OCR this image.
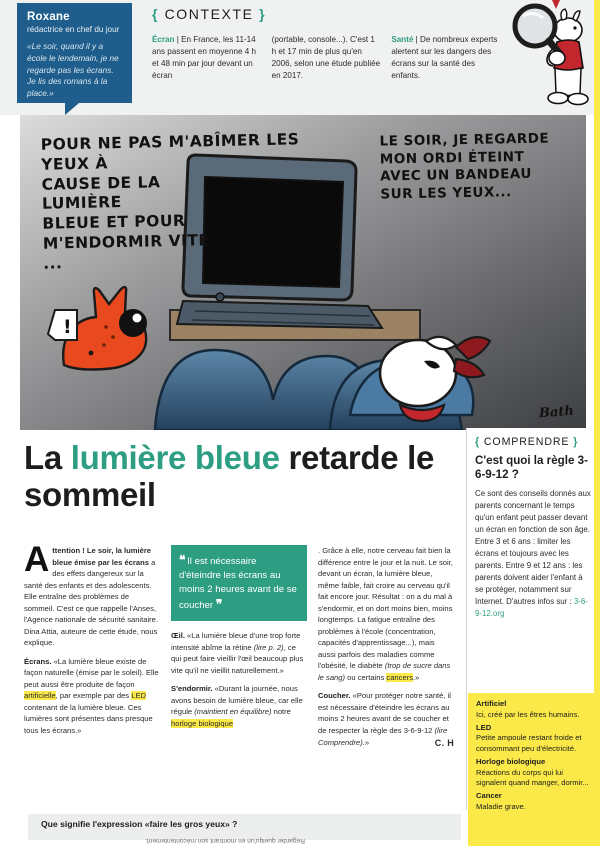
Roxane
rédactrice en chef du jour
«Le soir, quand il y a école le lendemain, je ne regarde pas les écrans. Je lis des romans à la place.»
{ CONTEXTE }
Écran | En France, les 11-14 ans passent en moyenne 4 h et 48 min par jour devant un écran
(portable, console...). C'est 1 h et 17 min de plus qu'en 2006, selon une étude publiée en 2017.
Santé | De nombreux experts alertent sur les dangers des écrans sur la santé des enfants.
!
POUR NE PAS M'ABÎMER LES
YEUX À
CAUSE DE LA
LUMIÈRE
BLEUE ET POUR
M'ENDORMIR VITE
...
LE SOIR, JE REGARDE
MON ORDI ÉTEINT
AVEC UN BANDEAU
SUR LES YEUX...
Bath
La lumière bleue retarde le sommeil

Attention ! Le soir, la lumière bleue émise par les écrans a des effets dangereux sur la santé des enfants et des adolescents. Elle entraîne des problèmes de sommeil. C'est ce que rappelle l'Anses, l'Agence nationale de sécurité sanitaire. Dina Attia, auteure de cette étude, nous explique.

Écrans. «La lumière bleue existe de façon naturelle (émise par le soleil). Elle peut aussi être produite de façon artificielle, par exemple par des LED contenant de la lumière bleue. Ces lumières sont présentes dans presque tous les écrans.»

❝ Il est nécessaire d'éteindre les écrans au moins 2 heures avant de se coucher ❞

Œil. «La lumière bleue d'une trop forte intensité abîme la rétine (lire p. 2), ce qui peut faire vieillir l'œil beaucoup plus vite qu'il ne vieillit naturellement.»

S'endormir. «Durant la journée, nous avons besoin de lumière bleue, car elle régule (maintient en équilibre) notre horloge biologique

. Grâce à elle, notre cerveau fait bien la différence entre le jour et la nuit. Le soir, devant un écran, la lumière bleue, même faible, fait croire au cerveau qu'il fait encore jour. Résultat : on a du mal à s'endormir, et on dort moins bien, moins longtemps. La fatigue entraîne des problèmes à l'école (concentration, capacités d'apprentissage...), mais aussi parfois des maladies comme l'obésité, le diabète (trop de sucre dans le sang) ou certains cancers.»

Coucher. «Pour protéger notre santé, il est nécessaire d'éteindre les écrans au moins 2 heures avant de se coucher et de respecter la règle des 3-6-9-12 (lire Comprendre).»	C. H

{ COMPRENDRE }
C'est quoi la règle 3-6-9-12 ?
Ce sont des conseils donnés aux parents concernant le temps qu'un enfant peut passer devant un écran en fonction de son âge. Entre 3 et 6 ans : limiter les écrans et toujours avec les parents. Entre 9 et 12 ans : les parents doivent aider l'enfant à se protéger, notamment sur Internet. D'autres infos sur : 3-6-9-12.org
Artificiel
Ici, créé par les êtres humains.
LED
Petite ampoule restant froide et consommant peu d'électricité.
Horloge biologique
Réactions du corps qui lui signalent quand manger, dormir...
Cancer
Maladie grave.
Que signifie l'expression «faire les gros yeux» ?
Regarder quelqu'un en montrant son mécontentement.
